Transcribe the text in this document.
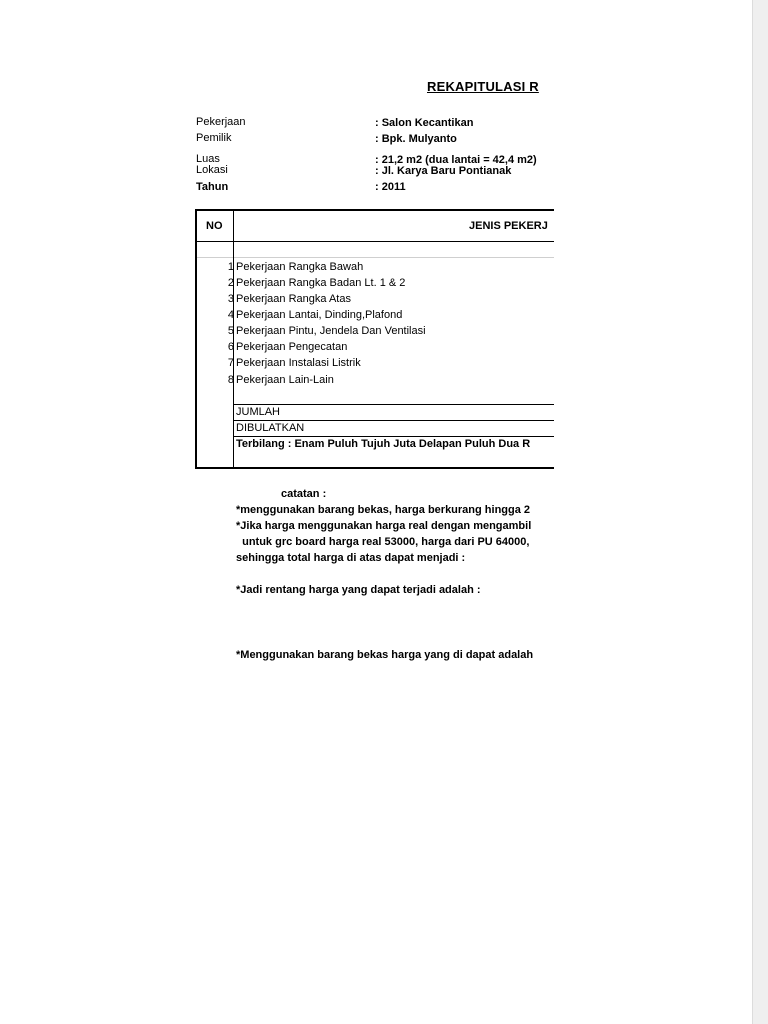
REKAPITULASI R
Pekerjaan	: Salon Kecantikan
Pemilik	: Bpk. Mulyanto
Luas	: 21,2 m2 (dua lantai = 42,4 m2)
Lokasi	: Jl. Karya Baru Pontianak
Tahun	: 2011
NO	JENIS PEKERJ
1 Pekerjaan Rangka Bawah
2 Pekerjaan Rangka Badan Lt. 1 & 2
3 Pekerjaan Rangka Atas
4 Pekerjaan Lantai, Dinding,Plafond
5 Pekerjaan Pintu, Jendela Dan Ventilasi
6 Pekerjaan Pengecatan
7 Pekerjaan Instalasi Listrik
8 Pekerjaan Lain-Lain
JUMLAH
DIBULATKAN
Terbilang : Enam Puluh Tujuh Juta Delapan Puluh Dua R
catatan :
*menggunakan barang bekas, harga berkurang hingga 2
*Jika harga menggunakan harga real dengan mengambil
untuk grc board harga real 53000, harga dari PU 64000,
sehingga total harga di atas dapat menjadi :
*Jadi rentang harga yang dapat terjadi adalah :
*Menggunakan barang bekas harga yang di dapat adalah
